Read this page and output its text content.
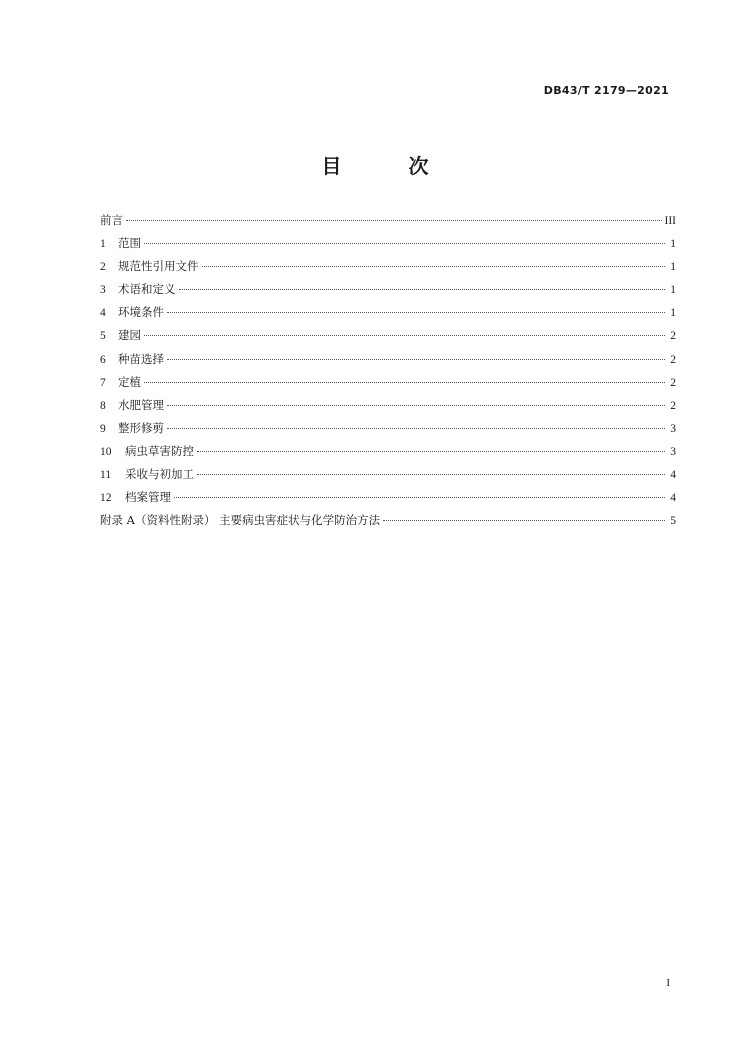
DB43/T 2179—2021
目 次
前言	III
1	范围	1
2	规范性引用文件	1
3	术语和定义	1
4	环境条件	1
5	建园	2
6	种苗选择	2
7	定植	2
8	水肥管理	2
9	整形修剪	3
10	病虫草害防控	3
11	采收与初加工	4
12	档案管理	4
附录 A（资料性附录） 主要病虫害症状与化学防治方法	5
I
